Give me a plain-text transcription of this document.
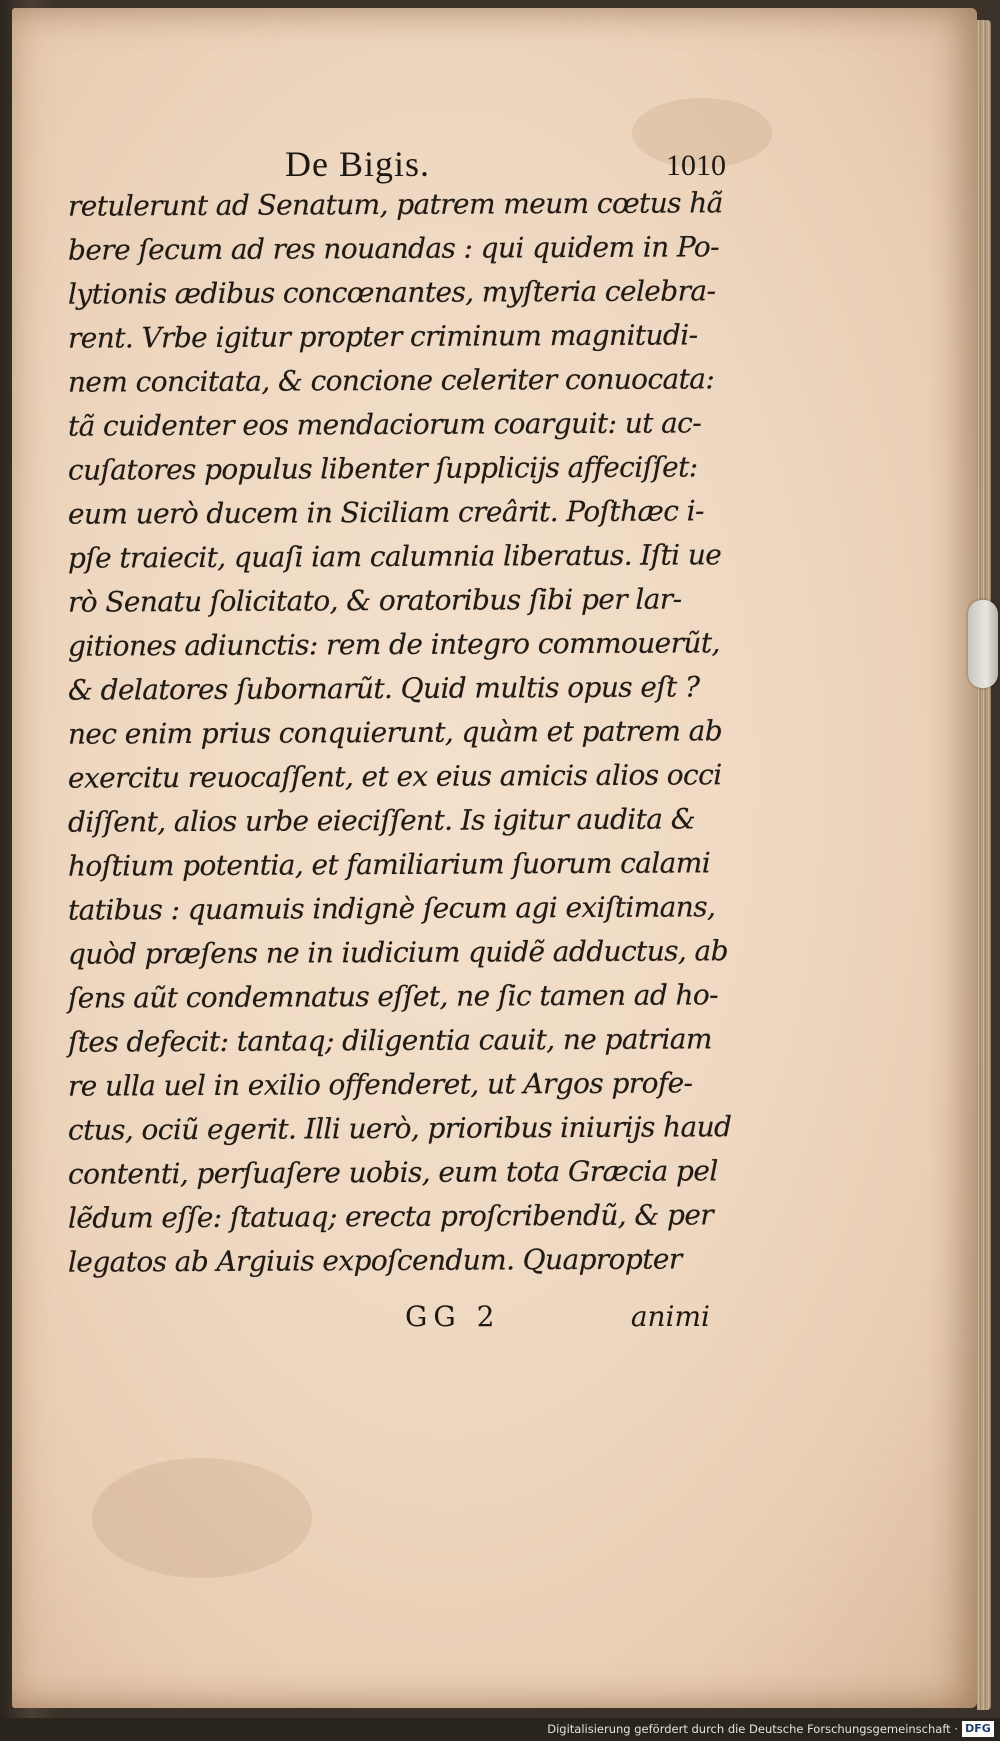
De Bigis.	1010
retulerunt ad Senatum, patrem meum cœtus hã
bere ſecum ad res nouandas : qui quidem in Po-
lytionis ædibus concœnantes, myſteria celebra-
rent. Vrbe igitur propter criminum magnitudi-
nem concitata, & concione celeriter conuocata:
tã cuidenter eos mendaciorum coarguit: ut ac-
cuſatores populus libenter ſupplicijs affeciſſet:
eum uerò ducem in Siciliam creârit. Poſthæc i-
pſe traiecit, quaſi iam calumnia liberatus. Iſti ue
rò Senatu ſolicitato, & oratoribus ſibi per lar-
gitiones adiunctis: rem de integro commouerũt,
& delatores ſubornarũt. Quid multis opus eſt ?
nec enim prius conquierunt, quàm et patrem ab
exercitu reuocaſſent, et ex eius amicis alios occi
diſſent, alios urbe eieciſſent. Is igitur audita &
hoſtium potentia, et familiarium ſuorum calami
tatibus : quamuis indignè ſecum agi exiſtimans,
quòd præſens ne in iudicium quidẽ adductus, ab
ſens aũt condemnatus eſſet, ne ſic tamen ad ho-
ſtes defecit: tantaq; diligentia cauit, ne patriam
re ulla uel in exilio offenderet, ut Argos profe-
ctus, ociũ egerit. Illi uerò, prioribus iniurijs haud
contenti, perſuaſere uobis, eum tota Græcia pel
lẽdum eſſe: ſtatuaq; erecta proſcribendũ, & per
legatos ab Argiuis expoſcendum. Quapropter
GG 2	animi
Digitalisierung gefördert durch die Deutsche Forschungsgemeinschaft · DFG
